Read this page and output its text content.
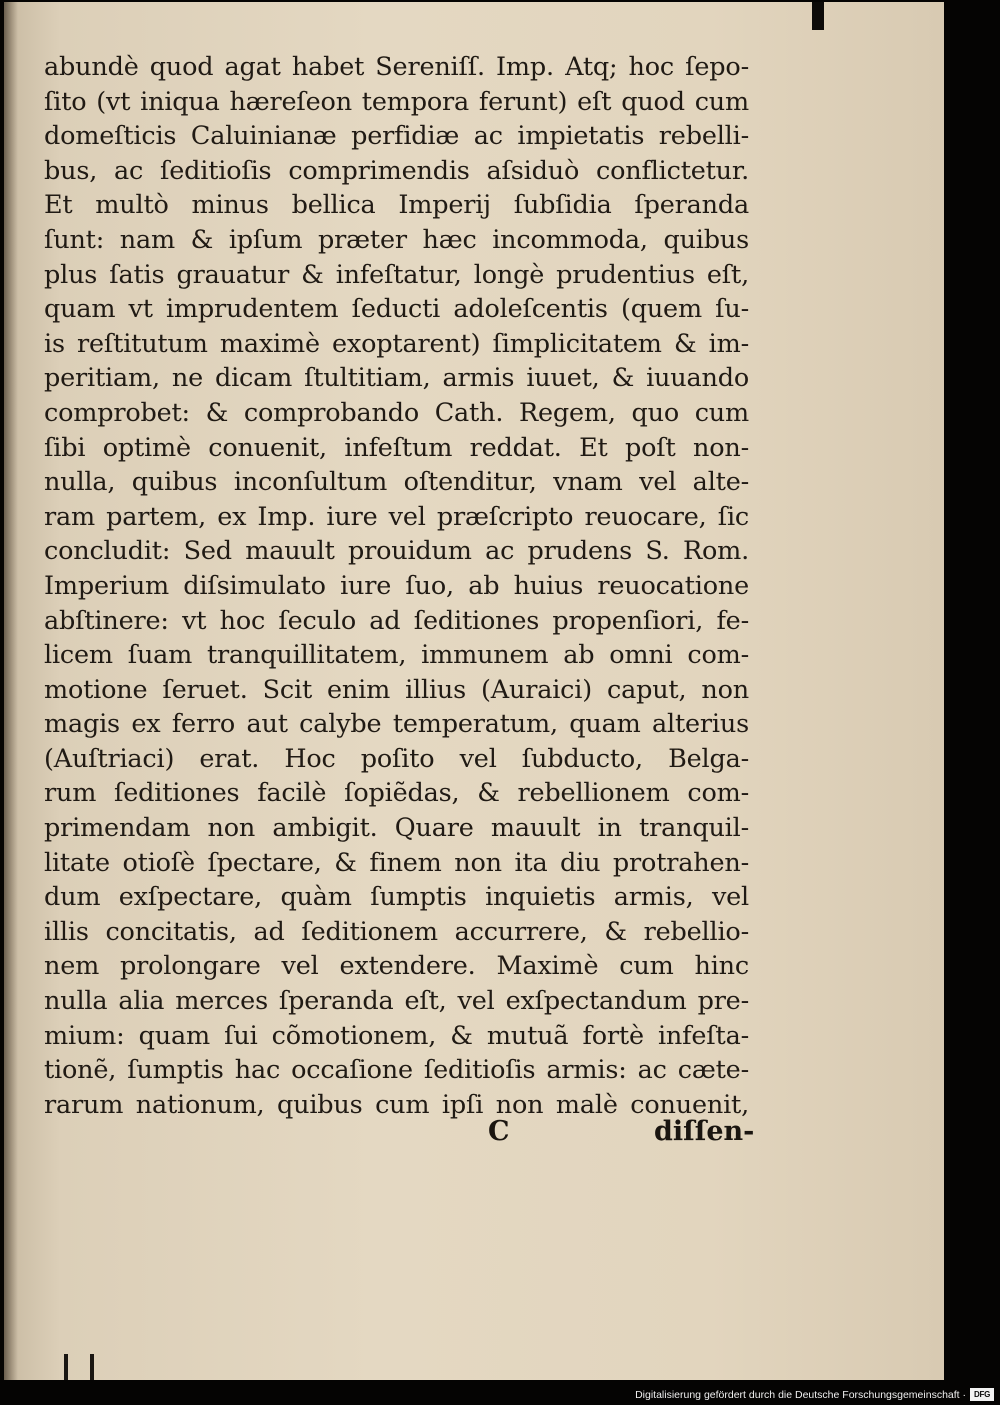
abundè quod agat habet Sereniſſ. Imp. Atq; hoc ſepo-
ſito (vt iniqua hæreſeon tempora ferunt) eſt quod cum
domeſticis Caluinianæ perfidiæ ac impietatis rebelli-
bus, ac ſeditioſis comprimendis aſsiduò conflictetur.
Et multò minus bellica Imperij ſubſidia ſperanda
ſunt: nam & ipſum præter hæc incommoda, quibus
plus ſatis grauatur & infeſtatur, longè prudentius eſt,
quam vt imprudentem ſeducti adoleſcentis (quem ſu-
is reſtitutum maximè exoptarent) ſimplicitatem & im-
peritiam, ne dicam ſtultitiam, armis iuuet, & iuuando
comprobet: & comprobando Cath. Regem, quo cum
ſibi optimè conuenit, infeſtum reddat. Et poſt non-
nulla, quibus inconſultum oſtenditur, vnam vel alte-
ram partem, ex Imp. iure vel præſcripto reuocare, ſic
concludit: Sed mauult prouidum ac prudens S. Rom.
Imperium diſsimulato iure ſuo, ab huius reuocatione
abſtinere: vt hoc ſeculo ad ſeditiones propenſiori, fe-
licem ſuam tranquillitatem, immunem ab omni com-
motione ſeruet. Scit enim illius (Auraici) caput, non
magis ex ferro aut calybe temperatum, quam alterius
(Auſtriaci) erat. Hoc poſito vel ſubducto, Belga-
rum ſeditiones facilè ſopiẽdas, & rebellionem com-
primendam non ambigit. Quare mauult in tranquil-
litate otioſè ſpectare, & finem non ita diu protrahen-
dum exſpectare, quàm ſumptis inquietis armis, vel
illis concitatis, ad ſeditionem accurrere, & rebellio-
nem prolongare vel extendere. Maximè cum hinc
nulla alia merces ſperanda eſt, vel exſpectandum pre-
mium: quam ſui cõmotionem, & mutuã fortè infeſta-
tionẽ, ſumptis hac occaſione ſeditioſis armis: ac cæte-
rarum nationum, quibus cum ipſi non malè conuenit,
C	diſſen-
Digitalisierung gefördert durch die Deutsche Forschungsgemeinschaft ·	DFG
